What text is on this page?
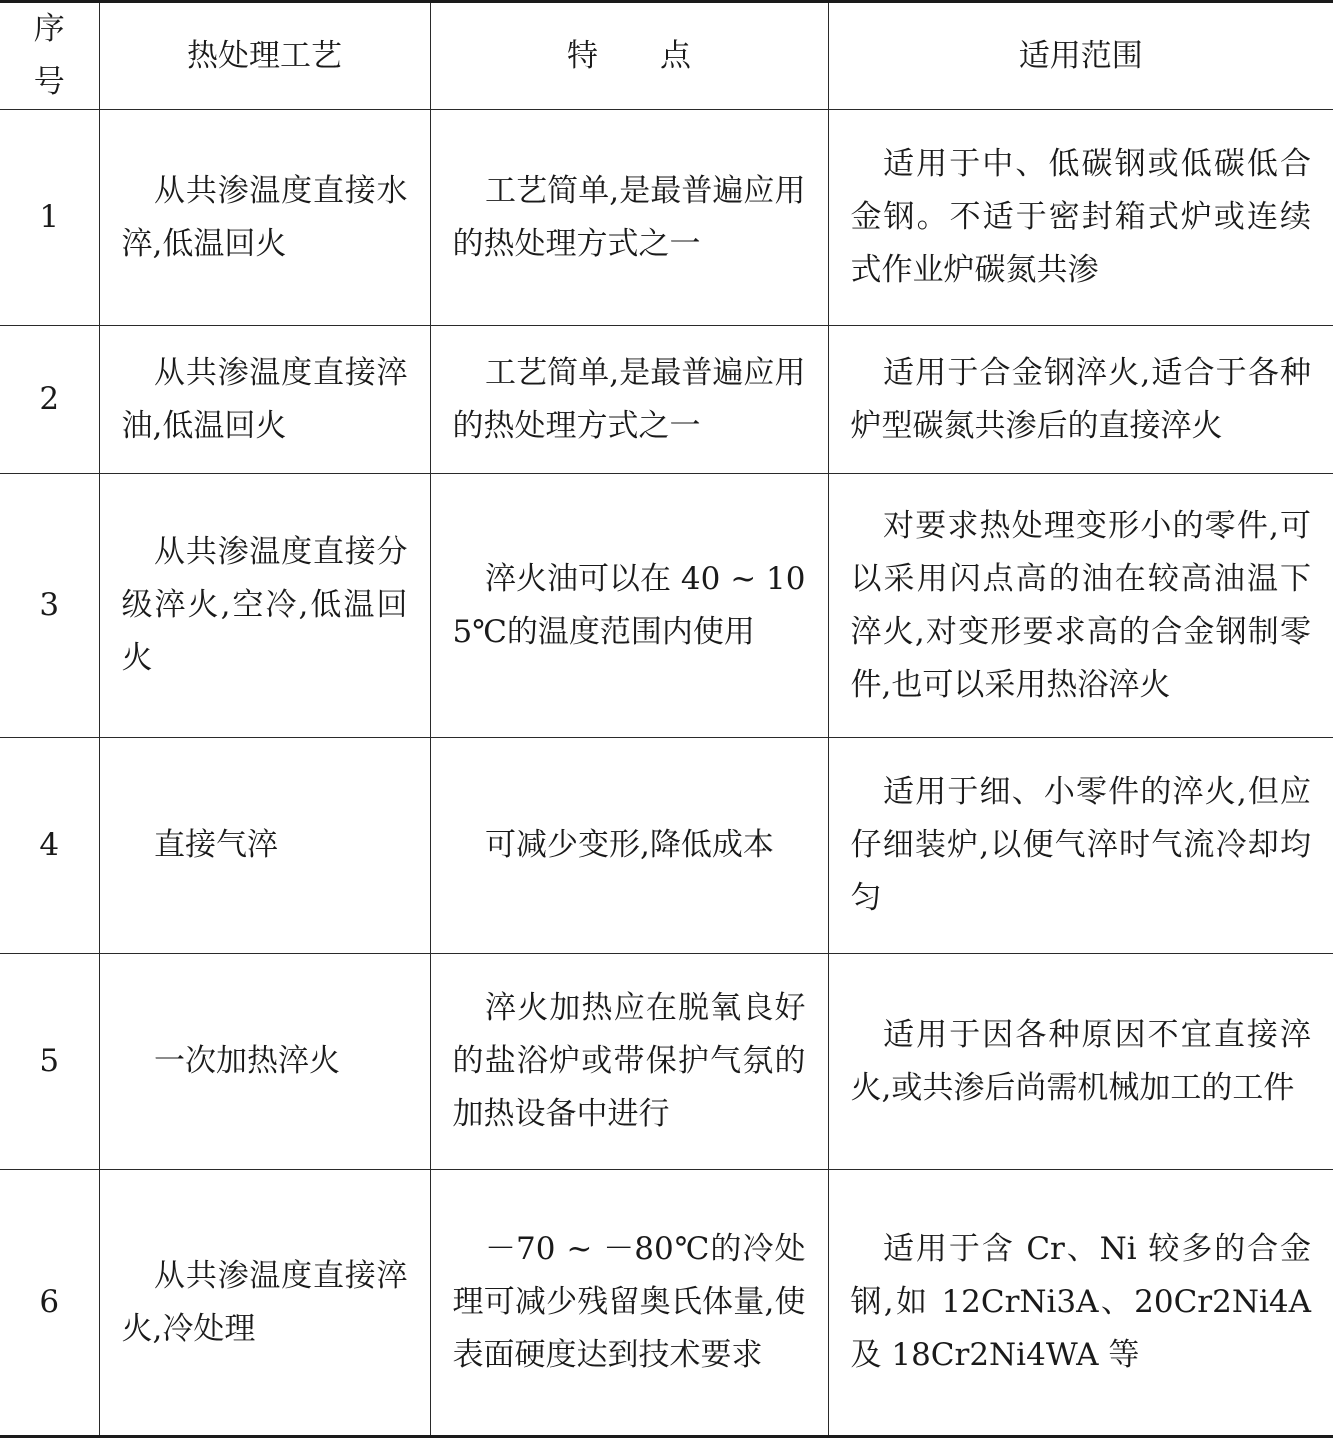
序号	热处理工艺	特　　点	适用范围
1	从共渗温度直接水淬,低温回火	工艺简单,是最普遍应用的热处理方式之一	适用于中、低碳钢或低碳低合金钢。不适于密封箱式炉或连续式作业炉碳氮共渗
2	从共渗温度直接淬油,低温回火	工艺简单,是最普遍应用的热处理方式之一	适用于合金钢淬火,适合于各种炉型碳氮共渗后的直接淬火
3	从共渗温度直接分级淬火,空冷,低温回火	淬火油可以在 40 ~ 105℃的温度范围内使用	对要求热处理变形小的零件,可以采用闪点高的油在较高油温下淬火,对变形要求高的合金钢制零件,也可以采用热浴淬火
4	直接气淬	可减少变形,降低成本	适用于细、小零件的淬火,但应仔细装炉,以便气淬时气流冷却均匀
5	一次加热淬火	淬火加热应在脱氧良好的盐浴炉或带保护气氛的加热设备中进行	适用于因各种原因不宜直接淬火,或共渗后尚需机械加工的工件
6	从共渗温度直接淬火,冷处理	－70 ~ －80℃的冷处理可减少残留奥氏体量,使表面硬度达到技术要求	适用于含 Cr、Ni 较多的合金钢,如 12CrNi3A、20Cr2Ni4A 及 18Cr2Ni4WA 等
